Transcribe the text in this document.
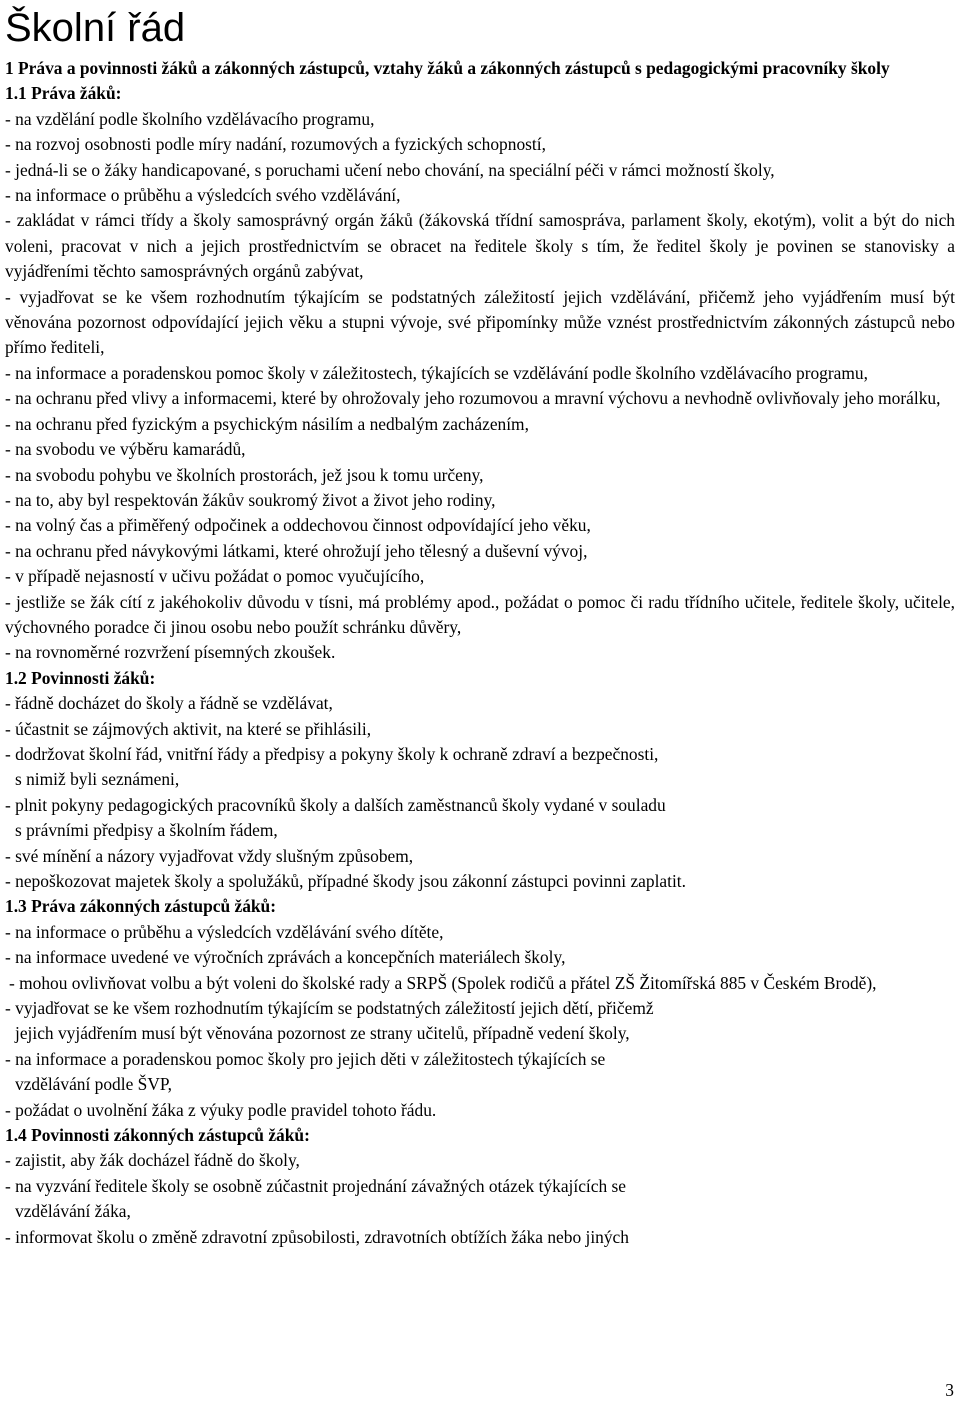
Školní řád
1 Práva a povinnosti žáků a zákonných zástupců, vztahy žáků a zákonných zástupců s pedagogickými pracovníky školy
1.1 Práva žáků:
- na vzdělání podle školního vzdělávacího programu,
- na rozvoj osobnosti podle míry nadání, rozumových a fyzických schopností,
- jedná-li se o žáky handicapované, s poruchami učení nebo chování, na speciální péči v rámci možností školy,
- na informace o průběhu a výsledcích svého vzdělávání,
- zakládat v rámci třídy a školy samosprávný orgán žáků (žákovská třídní samospráva, parlament školy, ekotým), volit a být do nich voleni, pracovat v nich a jejich prostřednictvím se obracet na ředitele školy s tím, že ředitel školy je povinen se stanovisky a vyjádřeními těchto samosprávných orgánů zabývat,
- vyjadřovat se ke všem rozhodnutím týkajícím se podstatných záležitostí jejich vzdělávání, přičemž jeho vyjádřením musí být věnována pozornost odpovídající jejich věku a stupni vývoje, své připomínky může vznést prostřednictvím zákonných zástupců nebo přímo řediteli,
- na informace a poradenskou pomoc školy v záležitostech, týkajících se vzdělávání podle školního vzdělávacího programu,
- na ochranu před vlivy a informacemi, které by ohrožovaly jeho rozumovou a mravní výchovu a nevhodně ovlivňovaly jeho morálku,
- na ochranu před fyzickým a psychickým násilím a nedbalým zacházením,
- na svobodu ve výběru kamarádů,
- na svobodu pohybu ve školních prostorách, jež jsou k tomu určeny,
- na to, aby byl respektován žákův soukromý život a život jeho rodiny,
- na volný čas a přiměřený odpočinek a oddechovou činnost odpovídající jeho věku,
- na ochranu před návykovými látkami, které ohrožují jeho tělesný a duševní vývoj,
- v případě nejasností v učivu požádat o pomoc vyučujícího,
- jestliže se žák cítí z jakéhokoliv důvodu v tísni, má problémy apod., požádat o pomoc či radu třídního učitele, ředitele školy, učitele, výchovného poradce či jinou osobu nebo použít schránku důvěry,
- na rovnoměrné rozvržení písemných zkoušek.
1.2 Povinnosti žáků:
- řádně docházet do školy a řádně se vzdělávat,
- účastnit se zájmových aktivit, na které se přihlásili,
- dodržovat školní řád, vnitřní řády a předpisy a pokyny školy k ochraně zdraví a bezpečnosti,
s nimiž byli seznámeni,
- plnit pokyny pedagogických pracovníků školy a dalších zaměstnanců školy vydané v souladu
s právními předpisy a školním řádem,
- své mínění a názory vyjadřovat vždy slušným způsobem,
- nepoškozovat majetek školy a spolužáků, případné škody jsou zákonní zástupci povinni zaplatit.
1.3 Práva zákonných zástupců žáků:
- na informace o průběhu a výsledcích vzdělávání svého dítěte,
- na informace uvedené ve výročních zprávách a koncepčních materiálech školy,
- mohou ovlivňovat volbu a být voleni do školské rady a SRPŠ (Spolek rodičů a přátel ZŠ Žitomířská 885 v Českém Brodě),
- vyjadřovat se ke všem rozhodnutím týkajícím se podstatných záležitostí jejich dětí, přičemž
jejich vyjádřením musí být věnována pozornost ze strany učitelů, případně vedení školy,
- na informace a poradenskou pomoc školy pro jejich děti v záležitostech týkajících se
vzdělávání podle ŠVP,
- požádat o uvolnění žáka z výuky podle pravidel tohoto řádu.
1.4 Povinnosti zákonných zástupců žáků:
- zajistit, aby žák docházel řádně do školy,
- na vyzvání ředitele školy se osobně zúčastnit projednání závažných otázek týkajících se
vzdělávání žáka,
- informovat školu o změně zdravotní způsobilosti, zdravotních obtížích žáka nebo jiných
3
